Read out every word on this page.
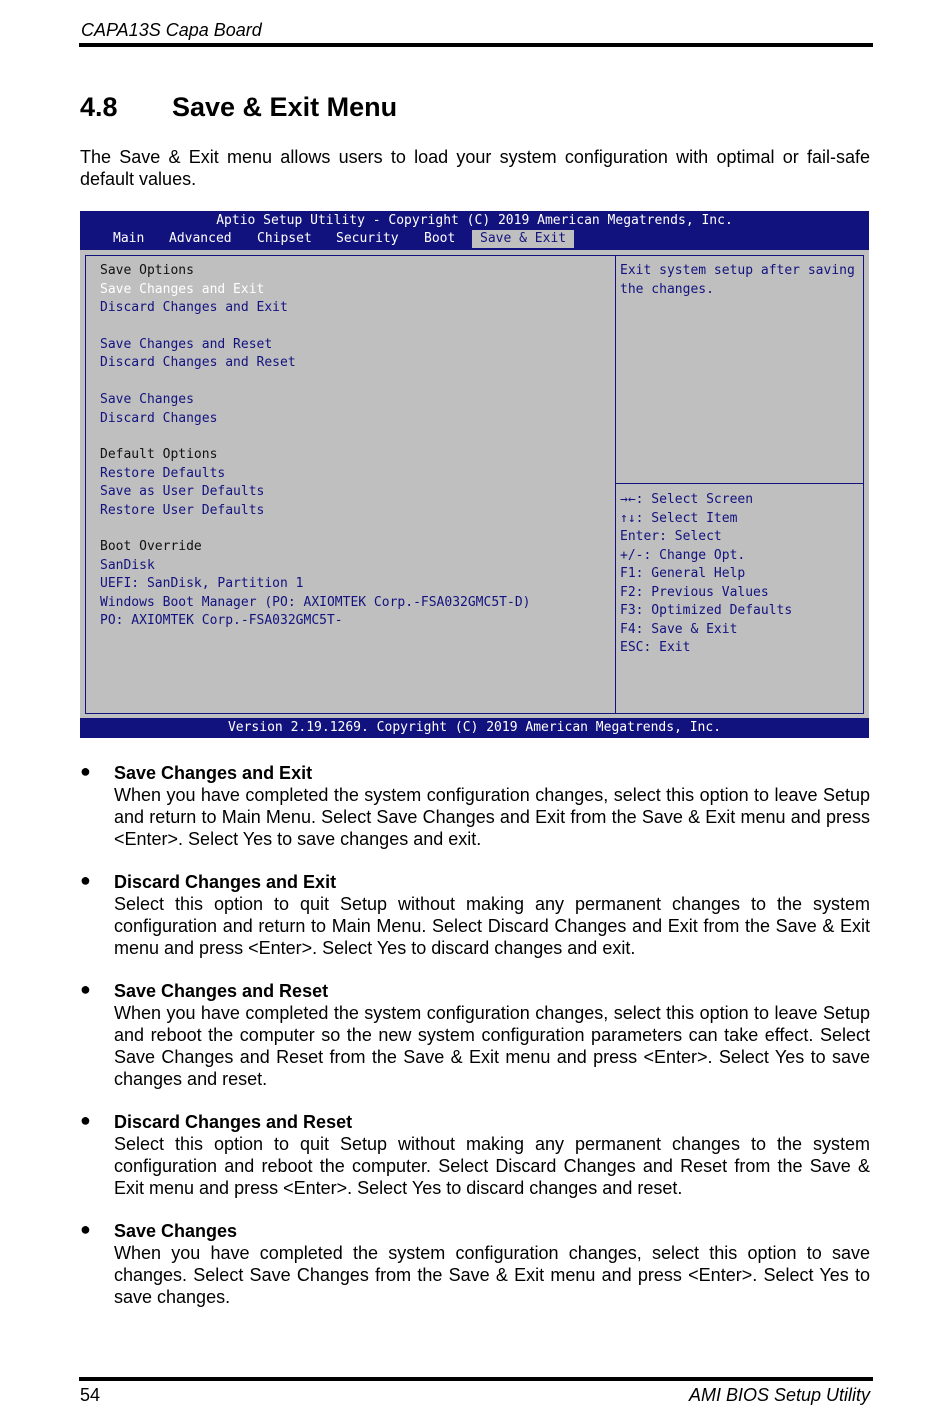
CAPA13S Capa Board
4.8 Save & Exit Menu
The Save & Exit menu allows users to load your system configuration with optimal or fail-safe default values.
Aptio Setup Utility - Copyright (C) 2019 American Megatrends, Inc.
Main Advanced Chipset Security Boot	Save & Exit
Save Options
Save Changes and Exit
Discard Changes and Exit
Save Changes and Reset
Discard Changes and Reset
Save Changes
Discard Changes
Default Options
Restore Defaults
Save as User Defaults
Restore User Defaults
Boot Override
SanDisk
UEFI: SanDisk, Partition 1
Windows Boot Manager (PO: AXIOMTEK Corp.-FSA032GMC5T-D)
PO: AXIOMTEK Corp.-FSA032GMC5T-
Exit system setup after saving
the changes.
→←: Select Screen
↑↓: Select Item
Enter: Select
+/-: Change Opt.
F1: General Help
F2: Previous Values
F3: Optimized Defaults
F4: Save & Exit
ESC: Exit
Version 2.19.1269. Copyright (C) 2019 American Megatrends, Inc.
● Save Changes and Exit
When you have completed the system configuration changes, select this option to leave Setup and return to Main Menu. Select Save Changes and Exit from the Save & Exit menu and press <Enter>. Select Yes to save changes and exit.
● Discard Changes and Exit
Select this option to quit Setup without making any permanent changes to the system configuration and return to Main Menu. Select Discard Changes and Exit from the Save & Exit menu and press <Enter>. Select Yes to discard changes and exit.
● Save Changes and Reset
When you have completed the system configuration changes, select this option to leave Setup and reboot the computer so the new system configuration parameters can take effect. Select Save Changes and Reset from the Save & Exit menu and press <Enter>. Select Yes to save changes and reset.
● Discard Changes and Reset
Select this option to quit Setup without making any permanent changes to the system configuration and reboot the computer. Select Discard Changes and Reset from the Save & Exit menu and press <Enter>. Select Yes to discard changes and reset.
● Save Changes
When you have completed the system configuration changes, select this option to save changes. Select Save Changes from the Save & Exit menu and press <Enter>. Select Yes to save changes.
54	AMI BIOS Setup Utility
